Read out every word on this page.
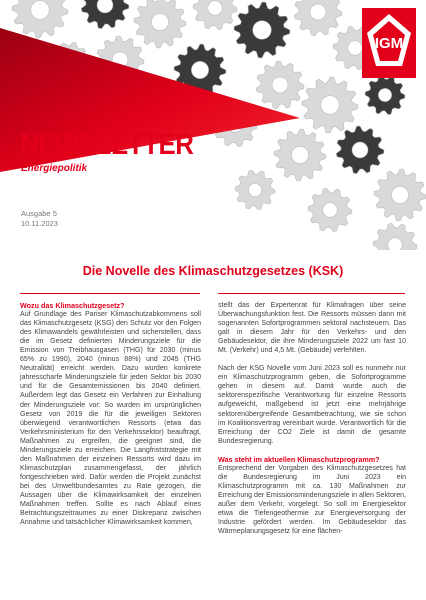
IGM
NEWSLETTER
Energiepolitik
Ausgabe 5
10.11.2023
Die Novelle des Klimaschutzgesetzes (KSK)
Wozu das Klimaschutzgesetz?

Auf Grundlage des Pariser Klimaschutzabkommens soll das Klimaschutzgesetz (KSG) den Schutz vor den Folgen des Klimawandels gewährleisten und sicherstellen, dass die im Gesetz definierten Minderungsziele für die Emission von Treibhausgasen (THG) für 2030 (minus 65% zu 1990), 2040 (minus 88%) und 2045 (THG Neutralität) erreicht werden. Dazu wurden konkrete jahresscharfe Minderungsziele für jeden Sektor bis 2030 und für die Gesamtemissionen bis 2040 definiert. Außerdem legt das Gesetz ein Verfahren zur Einhaltung der Minderungsziele vor: So wurden im ursprünglichen Gesetz von 2019 die für die jeweiligen Sektoren überwiegend verantwortlichen Ressorts (etwa das Verkehrsministerium für den Verkehrssektor) beauftragt, Maßnahmen zu ergreifen, die geeignet sind, die Minderungsziele zu erreichen. Die Langfriststrategie mit den Maßnahmen der einzelnen Ressorts wird dazu im Klimaschutzplan zusammengefasst, der jährlich fortgeschrieben wird. Dafür werden die Projekt zunächst bei des Umweltbundesamtes zu Rate gezogen, die Aussagen über die Klimawirksamkeit der einzelnen Maßnahmen treffen. Sollte es nach Ablauf eines Betrachtungszeitraumes zu einer Diskrepanz zwischen Annahme und tatsächlicher Klimawirksamkeit kommen,

stellt das der Expertenrat für Klimafragen über seine Überwachungsfunktion fest. Die Ressorts müssen dann mit sogenannten Sofortprogrammen sektoral nachsteuern. Das galt in diesem Jahr für den Verkehrs- und den Gebäudesektor, die ihre Minderungsziele 2022 um fast 10 Mt. (Verkehr) und 4,5 Mt. (Gebäude) verfehlten.

Nach der KSG Novelle vom Juni 2023 soll es nunmehr nur ein Klimaschutzprogramm geben, die Sofortprogramme gehen in diesem auf. Damit wurde auch die sektorenspezifische Verantwortung für einzelne Ressorts aufgeweicht, maßgebend ist jetzt eine mehrjährige sektorenübergreifende Gesamtbetrachtung, wie sie schon im Koalitionsvertrag vereinbart wurde. Verantwortlich für die Erreichung der CO2 Ziele ist damit die gesamte Bundesregierung.

Was steht im aktuellen Klimaschutzprogramm?

Entsprechend der Vorgaben des Klimaschutzgesetzes hat die Bundesregierung im Juni 2023 ein Klimaschutzprogramm mit ca. 130 Maßnahmen zur Erreichung der Emissionsminderungsziele in allen Sektoren, außer dem Verkehr, vorgelegt. So soll im Energiesektor etwa die Tiefengeothermie zur Energieversorgung der Industrie gefördert werden. Im Gebäudesektor das Wärmeplanungsgesetz für eine flächen-
